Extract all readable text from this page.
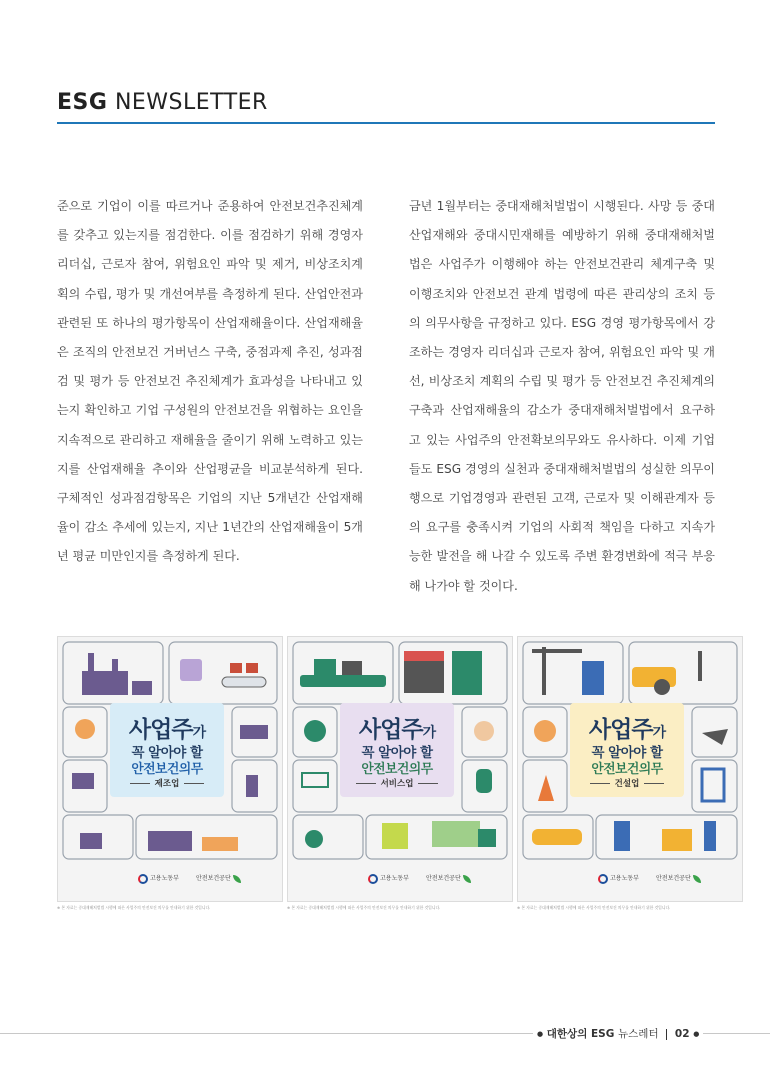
ESG NEWSLETTER

준으로 기업이 이를 따르거나 준용하여 안전보건추진체계를 갖추고 있는지를 점검한다. 이를 점검하기 위해 경영자 리더십, 근로자 참여, 위험요인 파악 및 제거, 비상조치계획의 수립, 평가 및 개선여부를 측정하게 된다. 산업안전과 관련된 또 하나의 평가항목이 산업재해율이다. 산업재해율은 조직의 안전보건 거버넌스 구축, 중점과제 추진, 성과점검 및 평가 등 안전보건 추진체계가 효과성을 나타내고 있는지 확인하고 기업 구성원의 안전보건을 위협하는 요인을 지속적으로 관리하고 재해율을 줄이기 위해 노력하고 있는지를 산업재해율 추이와 산업평균을 비교분석하게 된다. 구체적인 성과점검항목은 기업의 지난 5개년간 산업재해율이 감소 추세에 있는지, 지난 1년간의 산업재해율이 5개년 평균 미만인지를 측정하게 된다.

금년 1월부터는 중대재해처벌법이 시행된다. 사망 등 중대산업재해와 중대시민재해를 예방하기 위해 중대재해처벌법은 사업주가 이행해야 하는 안전보건관리 체계구축 및 이행조치와 안전보건 관계 법령에 따른 관리상의 조치 등의 의무사항을 규정하고 있다. ESG 경영 평가항목에서 강조하는 경영자 리더십과 근로자 참여, 위험요인 파악 및 개선, 비상조치 계획의 수립 및 평가 등 안전보건 추진체계의 구축과 산업재해율의 감소가 중대재해처벌법에서 요구하고 있는 사업주의 안전확보의무와도 유사하다. 이제 기업들도 ESG 경영의 실천과 중대재해처벌법의 성실한 의무이행으로 기업경영과 관련된 고객, 근로자 및 이해관계자 등의 요구를 충족시켜 기업의 사회적 책임을 다하고 지속가능한 발전을 해 나갈 수 있도록 주변 환경변화에 적극 부응해 나가야 할 것이다.

사업주가
꼭 알아야 할
안전보건의무
제조업
고용노동부	안전보건공단
사업주가
꼭 알아야 할
안전보건의무
서비스업
고용노동부	안전보건공단
사업주가
꼭 알아야 할
안전보건의무
건설업
고용노동부	안전보건공단
※ 본 자료는 중대재해처벌법 시행에 따른 사업주의 안전보건 의무를 안내하기 위한 것입니다.	※ 본 자료는 중대재해처벌법 시행에 따른 사업주의 안전보건 의무를 안내하기 위한 것입니다.	※ 본 자료는 중대재해처벌법 시행에 따른 사업주의 안전보건 의무를 안내하기 위한 것입니다.
● 대한상의 ESG 뉴스레터 02 ●
